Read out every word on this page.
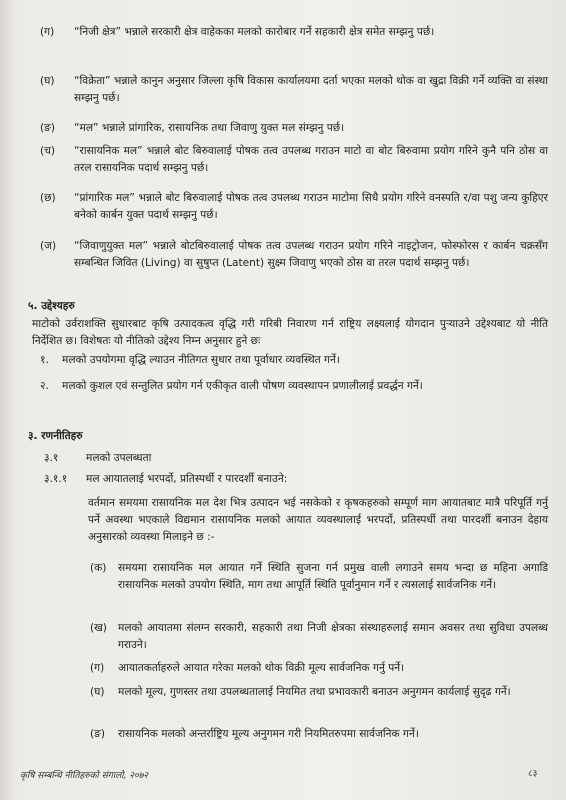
(ग) “निजी क्षेत्र” भन्नाले सरकारी क्षेत्र वाहेकका मलको कारोबार गर्ने सहकारी क्षेत्र समेत सम्झनु पर्छ।
(घ) “विक्रेता” भन्नाले कानुन अनुसार जिल्ला कृषि विकास कार्यालयमा दर्ता भएका मलको थोक वा खुद्रा विक्री गर्ने व्यक्ति वा संस्था सम्झनु पर्छ।
(ङ) “मल” भन्नाले प्रांगारिक, रासायनिक तथा जिवाणु युक्त मल संम्झनु पर्छ।
(च) “रासायनिक मल” भन्नाले बोट बिरुवालाई पोषक तत्व उपलब्ध गराउन माटो वा बोट बिरुवामा प्रयोग गरिने कुनै पनि ठोस वा तरल रासायनिक पदार्थ सम्झनु पर्छ।
(छ) “प्रांगारिक मल” भन्नाले बोट बिरुवालाई पोषक तत्व उपलब्ध गराउन माटोमा सिधै प्रयोग गरिने वनस्पति र/वा पशु जन्य कुहिएर बनेको कार्बन युक्त पदार्थ सम्झनु पर्छ।
(ज) “जिवाणुयुक्त मल” भन्नाले बोटबिरुवालाई पोषक तत्व उपलब्ध गराउन प्रयोग गरिने नाइट्रोजन, फोस्फोरस र कार्बन चक्रसँग सम्बन्धित जिवित (Living) वा सुषुप्त (Latent) सुक्ष्म जिवाणु भएको ठोस वा तरल पदार्थ सम्झनु पर्छ।
५. उद्देश्यहरु
माटोको उर्वराशक्ति सुधारबाट कृषि उत्पादकत्व वृद्धि गरी गरिबी निवारण गर्न राष्ट्रिय लक्ष्यलाई योगदान पुऱ्याउने उद्देश्यबाट यो नीति निर्देशित छ। विशेषतः यो नीतिको उद्देश्य निम्न अनुसार हुने छः
१. मलको उपयोगमा वृद्धि ल्याउन नीतिगत सुधार तथा पूर्वाधार व्यवस्थित गर्ने।
२. मलको कुशल एवं सन्तुलित प्रयोग गर्न एकीकृत वाली पोषण व्यवस्थापन प्रणालीलाई प्रवर्द्धन गर्ने।
३. रणनीतिहरु
३.१	मलको उपलब्धता
३.१.१ मल आयातलाई भरपर्दो, प्रतिस्पर्धी र पारदर्शी बनाउने:
वर्तमान समयमा रासायनिक मल देश भित्र उत्पादन भई नसकेको र कृषकहरुको सम्पूर्ण माग आयातबाट मात्रै परिपूर्ति गर्नु पर्ने अवस्था भएकाले विद्यमान रासायनिक मलको आयात व्यवस्थालाई भरपर्दो, प्रतिस्पर्धी तथा पारदर्शी बनाउन देहाय अनुसारको व्यवस्था मिलाइने छ :-
(क) समयमा रासायनिक मल आयात गर्ने स्थिति सुजना गर्न प्रमुख वाली लगाउने समय भन्दा छ महिना अगाडि रासायनिक मलको उपयोग स्थिति, माग तथा आपूर्ति स्थिति पूर्वानुमान गर्ने र त्यसलाई सार्वजनिक गर्ने।
(ख) मलको आयातमा संलग्न सरकारी, सहकारी तथा निजी क्षेत्रका संस्थाहरुलाई समान अवसर तथा सुविधा उपलब्ध गराउने।
(ग) आयातकर्ताहरुले आयात गरेका मलको थोक विक्री मूल्य सार्वजनिक गर्नु पर्ने।
(घ) मलको मूल्य, गुणस्तर तथा उपलब्धतालाई नियमित तथा प्रभावकारी बनाउन अनुगमन कार्यलाई सुदृढ गर्ने।
(ङ) रासायनिक मलको अन्तर्राष्ट्रिय मूल्य अनुगमन गरी नियमितरुपमा सार्वजनिक गर्ने।
कृषि सम्बन्धि नीतिहरुको संगालो, २०७२	८३
